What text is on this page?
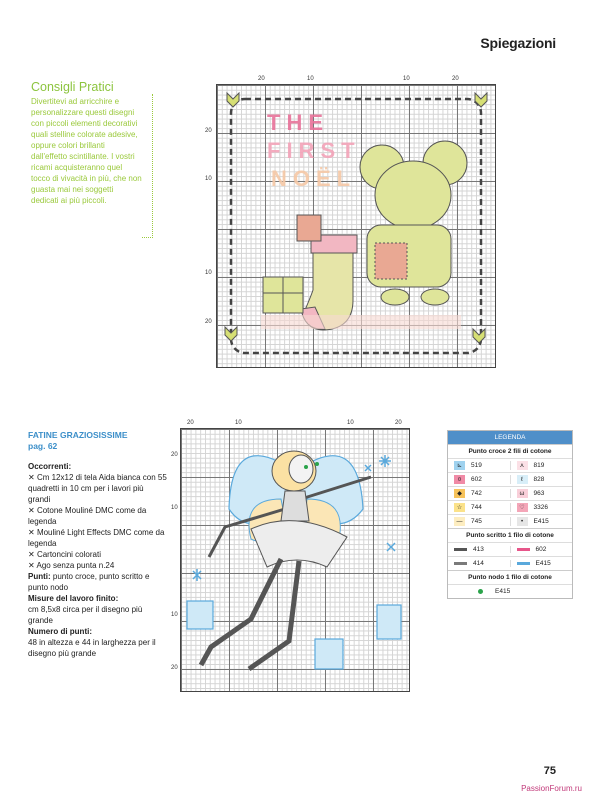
Spiegazioni
Consigli Pratici
Divertitevi ad arricchire e personalizzare questi disegni con piccoli elementi decorativi quali stelline colorate adesive, oppure colori brillanti dall'effetto scintillante. I vostri ricami acquisteranno quel tocco di vivacità in più, che non guasta mai nei soggetti dedicati ai più piccoli.
20	10	10	20
20
10
10
20
THE
FIRST
NOËL
20	10	10	20
20
10
10
20
FATINE GRAZIOSISSIME
pag. 62
Occorrenti:
✕ Cm 12x12 di tela Aida bianca con 55 quadretti in 10 cm per i lavori più grandi
✕ Cotone Mouliné DMC come da legenda
✕ Mouliné Light Effects DMC come da legenda
✕ Cartoncini colorati
✕ Ago senza punta n.24
Punti: punto croce, punto scritto e punto nodo
Misure del lavoro finito:
cm 8,5x8 circa per il disegno più grande
Numero di punti:
48 in altezza e 44 in larghezza per il disegno più grande
LEGENDA
Punto croce 2 fili di cotone
⊾	519	⋏	819
¤	602	ℓ	828
◆	742	ω	963
☆	744	♡	3326
—	745	•	E415
Punto scritto 1 filo di cotone
413	602
414	E415
Punto nodo 1 filo di cotone
E415
75
PassionForum.ru
